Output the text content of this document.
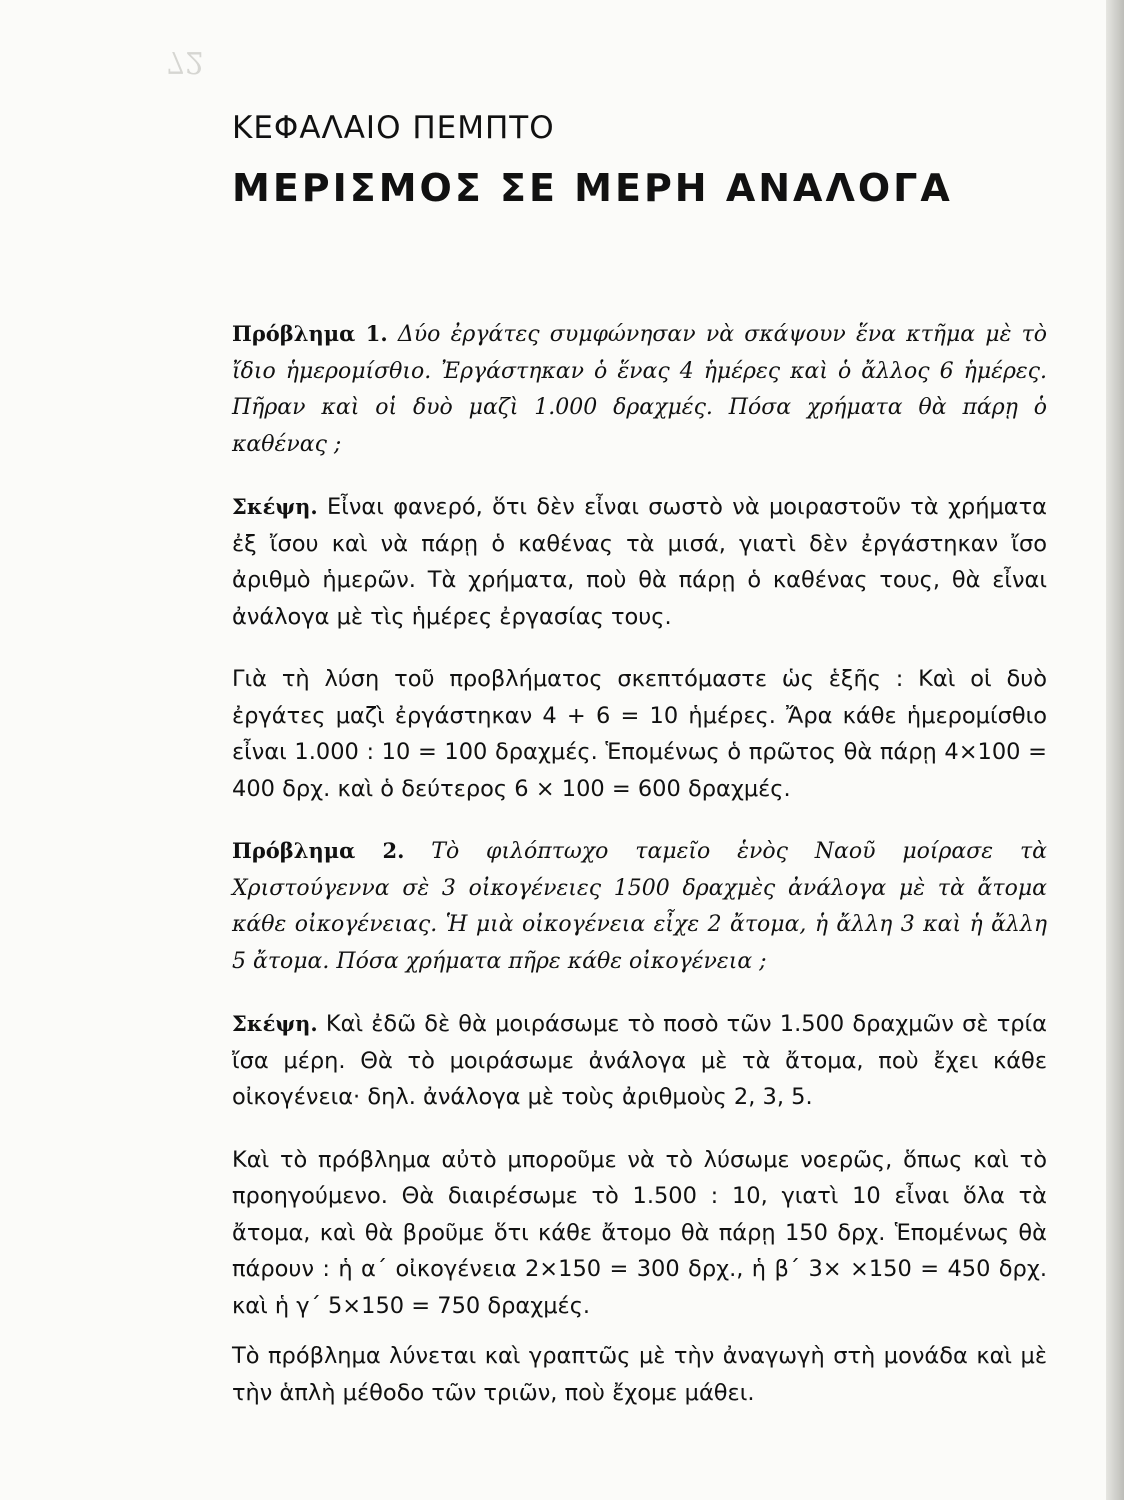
72
ΚΕΦΑΛΑΙΟ ΠΕΜΠΤΟ
ΜΕΡΙΣΜΟΣ ΣΕ ΜΕΡΗ ΑΝΑΛΟΓΑ

Πρόβλημα 1. Δύο ἐργάτες συμφώνησαν νὰ σκάψουν ἕνα κτῆμα μὲ τὸ ἴδιο ἡμερομίσθιο. Ἐργάστηκαν ὁ ἕνας 4 ἡμέρες καὶ ὁ ἄλλος 6 ἡμέρες. Πῆραν καὶ οἱ δυὸ μαζὶ 1.000 δραχμές. Πόσα χρήματα θὰ πάρῃ ὁ καθένας ;

Σκέψη. Εἶναι φανερό, ὅτι δὲν εἶναι σωστὸ νὰ μοιραστοῦν τὰ χρήματα ἐξ ἴσου καὶ νὰ πάρῃ ὁ καθένας τὰ μισά, γιατὶ δὲν ἐργάστηκαν ἴσο ἀριθμὸ ἡμερῶν. Τὰ χρήματα, ποὺ θὰ πάρῃ ὁ καθένας τους, θὰ εἶναι ἀνάλογα μὲ τὶς ἡμέρες ἐργασίας τους.

Γιὰ τὴ λύση τοῦ προβλήματος σκεπτόμαστε ὡς ἑξῆς : Καὶ οἱ δυὸ ἐργάτες μαζὶ ἐργάστηκαν 4 + 6 = 10 ἡμέρες. Ἄρα κάθε ἡμερομίσθιο εἶναι 1.000 : 10 = 100 δραχμές. Ἑπομένως ὁ πρῶτος θὰ πάρῃ 4×100 = 400 δρχ. καὶ ὁ δεύτερος 6 × 100 = 600 δραχμές.

Πρόβλημα 2. Τὸ φιλόπτωχο ταμεῖο ἑνὸς Ναοῦ μοίρασε τὰ Χριστούγεννα σὲ 3 οἰκογένειες 1500 δραχμὲς ἀνάλογα μὲ τὰ ἄτομα κάθε οἰκογένειας. Ἡ μιὰ οἰκογένεια εἶχε 2 ἄτομα, ἡ ἄλλη 3 καὶ ἡ ἄλλη 5 ἄτομα. Πόσα χρήματα πῆρε κάθε οἰκογένεια ;

Σκέψη. Καὶ ἐδῶ δὲ θὰ μοιράσωμε τὸ ποσὸ τῶν 1.500 δραχμῶν σὲ τρία ἴσα μέρη. Θὰ τὸ μοιράσωμε ἀνάλογα μὲ τὰ ἄτομα, ποὺ ἔχει κάθε οἰκογένεια· δηλ. ἀνάλογα μὲ τοὺς ἀριθμοὺς 2, 3, 5.

Καὶ τὸ πρόβλημα αὐτὸ μποροῦμε νὰ τὸ λύσωμε νοερῶς, ὅπως καὶ τὸ προηγούμενο. Θὰ διαιρέσωμε τὸ 1.500 : 10, γιατὶ 10 εἶναι ὅλα τὰ ἄτομα, καὶ θὰ βροῦμε ὅτι κάθε ἄτομο θὰ πάρῃ 150 δρχ. Ἑπομένως θὰ πάρουν : ἡ α΄ οἰκογένεια 2×150 = 300 δρχ., ἡ β΄ 3× ×150 = 450 δρχ. καὶ ἡ γ΄ 5×150 = 750 δραχμές.

Τὸ πρόβλημα λύνεται καὶ γραπτῶς μὲ τὴν ἀναγωγὴ στὴ μονάδα καὶ μὲ τὴν ἁπλὴ μέθοδο τῶν τριῶν, ποὺ ἔχομε μάθει.
